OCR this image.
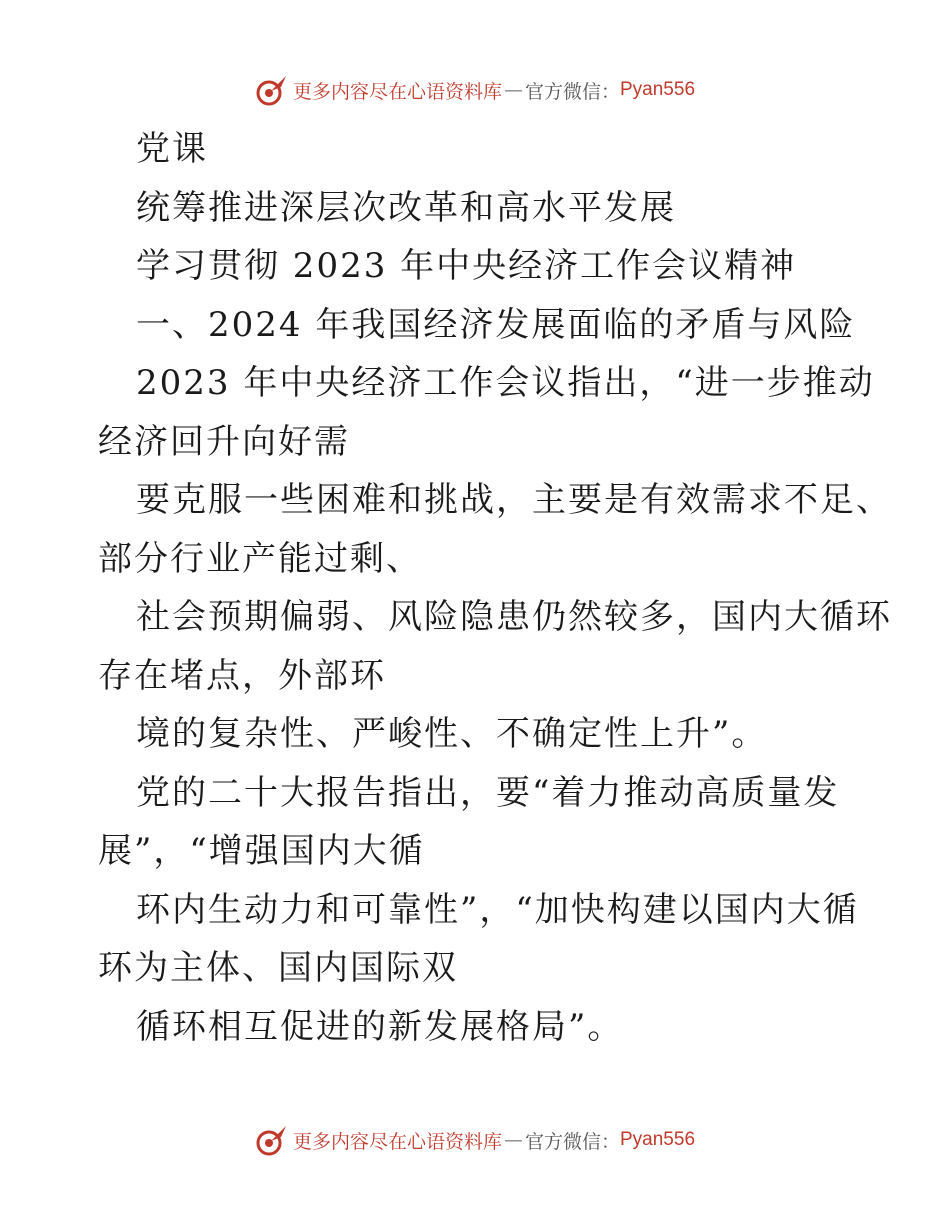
更多内容尽在心语资料库 — 官方微信： Pyan556

党课

统筹推进深层次改革和高水平发展

学习贯彻 2023 年中央经济工作会议精神

一、2024 年我国经济发展面临的矛盾与风险

2023 年中央经济工作会议指出，“进一步推动

经济回升向好需

要克服一些困难和挑战，主要是有效需求不足、

部分行业产能过剩、

社会预期偏弱、风险隐患仍然较多，国内大循环

存在堵点，外部环

境的复杂性、严峻性、不确定性上升”。

党的二十大报告指出，要“着力推动高质量发

展”，“增强国内大循

环内生动力和可靠性”，“加快构建以国内大循

环为主体、国内国际双

循环相互促进的新发展格局”。

更多内容尽在心语资料库 — 官方微信： Pyan556
